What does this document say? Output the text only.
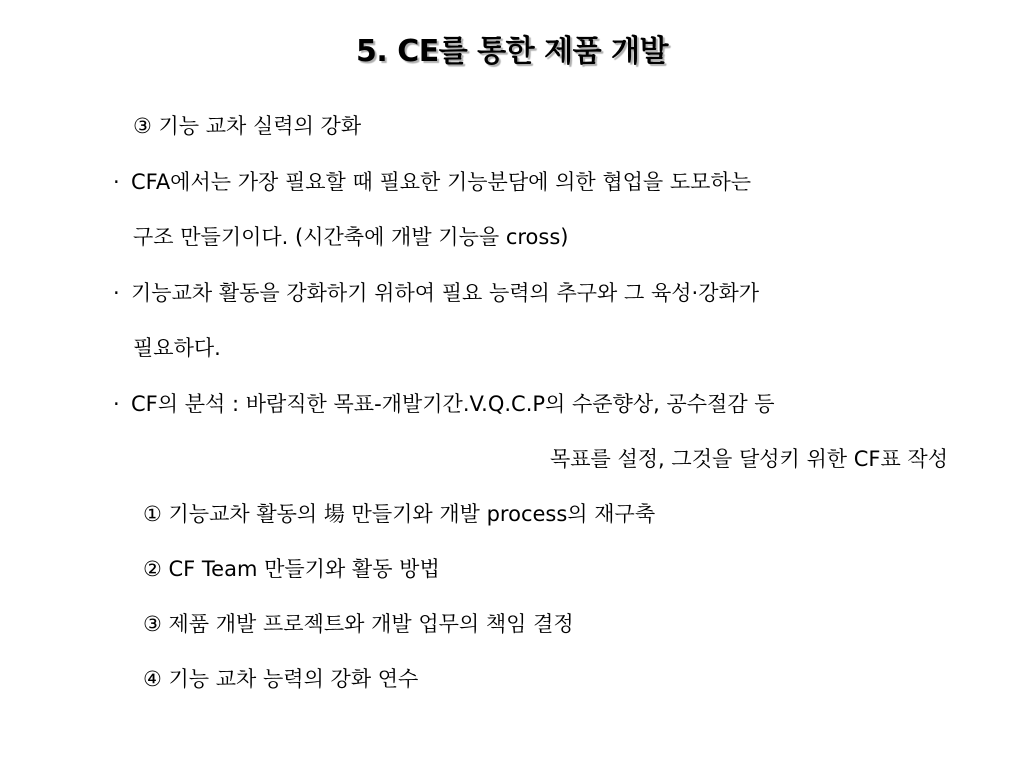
5. CE를 통한 제품 개발
③ 기능 교차 실력의 강화
· CFA에서는 가장 필요할 때 필요한 기능분담에 의한 협업을 도모하는
구조 만들기이다. (시간축에 개발 기능을 cross)
· 기능교차 활동을 강화하기 위하여 필요 능력의 추구와 그 육성·강화가
필요하다.
· CF의 분석 : 바람직한 목표-개발기간.V.Q.C.P의 수준향상, 공수절감 등
목표를 설정, 그것을 달성키 위한 CF표 작성
① 기능교차 활동의 場 만들기와 개발 process의 재구축
② CF Team 만들기와 활동 방법
③ 제품 개발 프로젝트와 개발 업무의 책임 결정
④ 기능 교차 능력의 강화 연수
